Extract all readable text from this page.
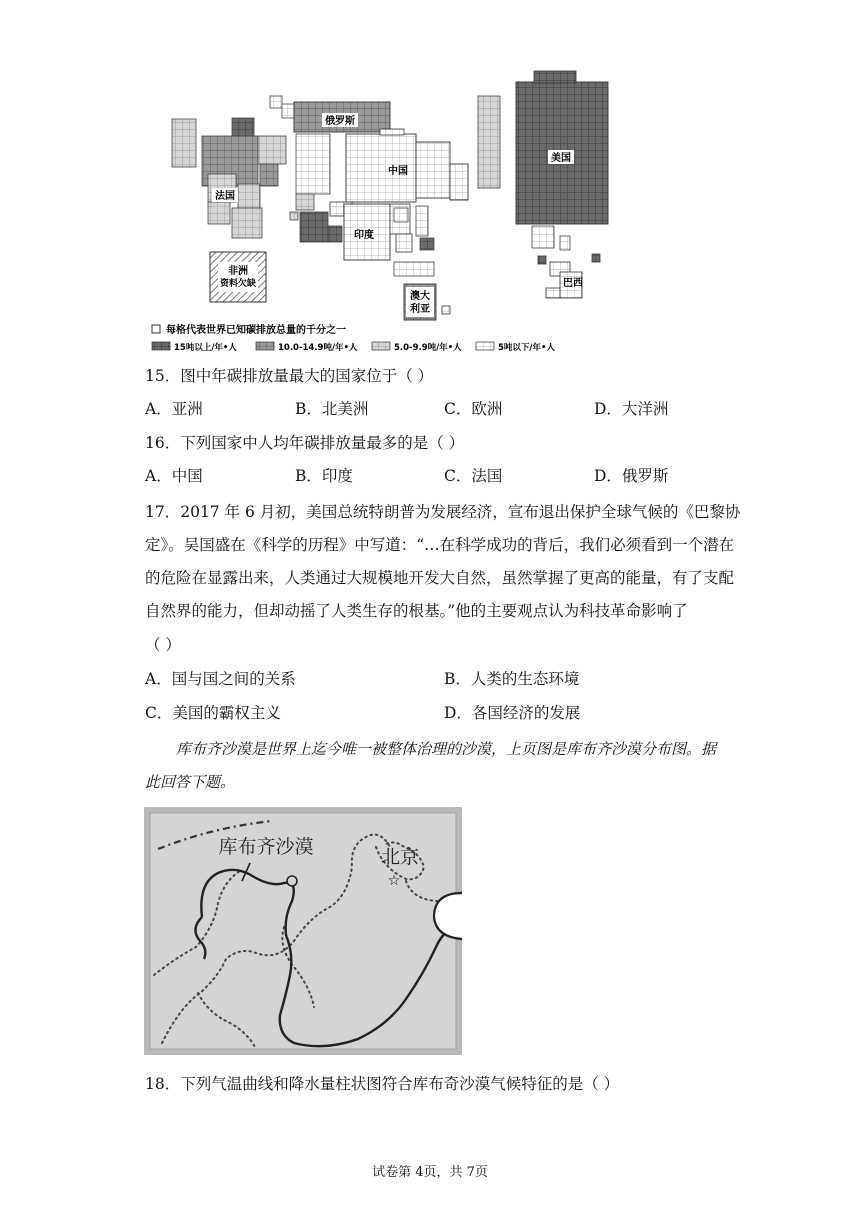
俄罗斯
中国
印度
美国
法国
非洲
资料欠缺
澳大
利亚
巴西
每格代表世界已知碳排放总量的千分之一
15吨以上/年•人	10.0-14.9吨/年•人	5.0-9.9吨/年•人	5吨以下/年•人
15．图中年碳排放量最大的国家位于（ ）
A．亚洲	B．北美洲	C．欧洲	D．大洋洲
16．下列国家中人均年碳排放量最多的是（ ）
A．中国	B．印度	C．法国	D．俄罗斯
17．2017 年 6 月初，美国总统特朗普为发展经济，宣布退出保护全球气候的《巴黎协
定》。吴国盛在《科学的历程》中写道：“…在科学成功的背后，我们必须看到一个潜在
的危险在显露出来，人类通过大规模地开发大自然，虽然掌握了更高的能量，有了支配
自然界的能力，但却动摇了人类生存的根基。”他的主要观点认为科技革命影响了
（ ）
A．国与国之间的关系	B．人类的生态环境
C．美国的霸权主义	D．各国经济的发展
库布齐沙漠是世界上迄今唯一被整体治理的沙漠，上页图是库布齐沙漠分布图。据
此回答下题。
☆
库布齐沙漠	北京
18．下列气温曲线和降水量柱状图符合库布奇沙漠气候特征的是（ ）
试卷第 4页，共 7页
